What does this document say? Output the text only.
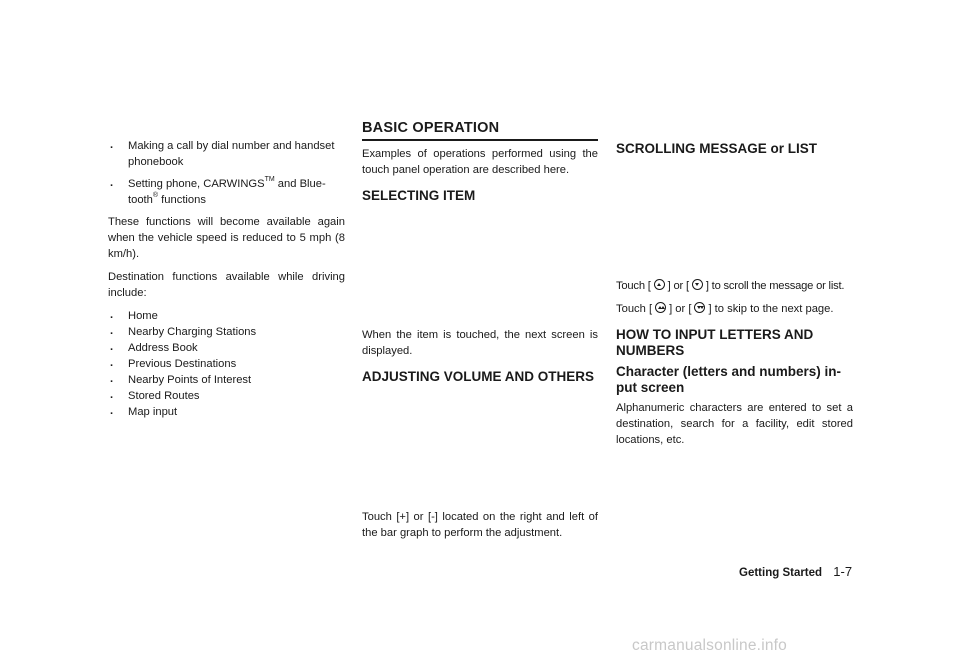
. Making a call by dial number and handset phonebook
. Setting phone, CARWINGS™ and Blue-tooth® functions

These functions will become available again when the vehicle speed is reduced to 5 mph (8 km/h).

Destination functions available while driving include:

. Home
. Nearby Charging Stations
. Address Book
. Previous Destinations
. Nearby Points of Interest
. Stored Routes
. Map input
BASIC OPERATION

Examples of operations performed using the touch panel operation are described here.

SELECTING ITEM

When the item is touched, the next screen is displayed.

ADJUSTING VOLUME AND OTHERS

Touch [+] or [-] located on the right and left of the bar graph to perform the adjustment.

SCROLLING MESSAGE or LIST

Touch [ ] or [ ] to scroll the message or list.

Touch [ ] or [ ] to skip to the next page.

HOW TO INPUT LETTERS AND NUMBERS
Character (letters and numbers) in-put screen

Alphanumeric characters are entered to set a destination, search for a facility, edit stored locations, etc.

Getting Started 1-7
carmanualsonline.info
